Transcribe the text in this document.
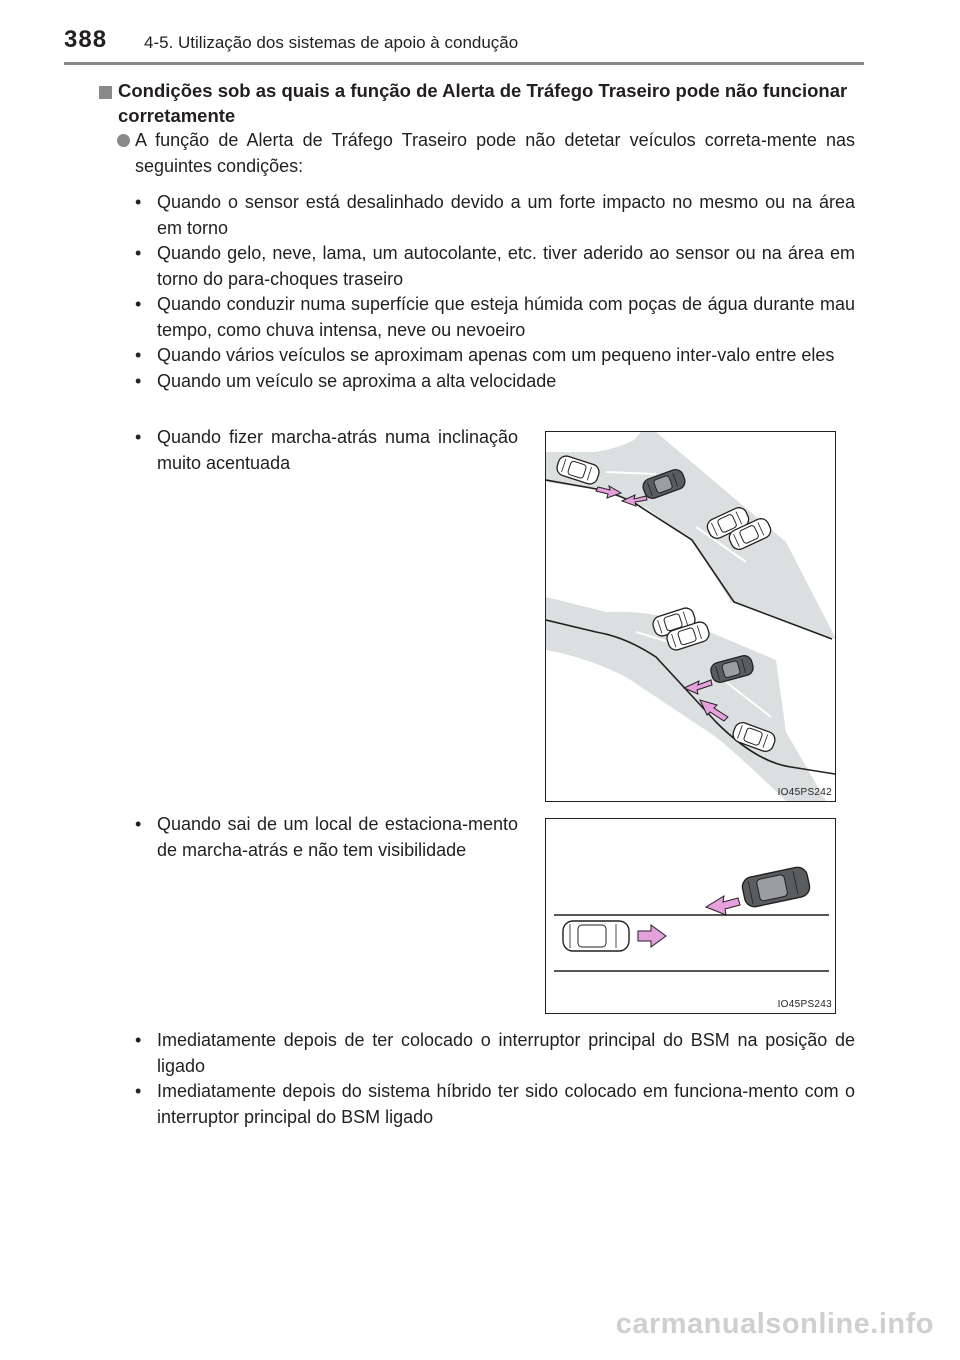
388 4-5. Utilização dos sistemas de apoio à condução
Condições sob as quais a função de Alerta de Tráfego Traseiro pode não funcionar corretamente
A função de Alerta de Tráfego Traseiro pode não detetar veículos correta-mente nas seguintes condições:
• Quando o sensor está desalinhado devido a um forte impacto no mesmo ou na área em torno
• Quando gelo, neve, lama, um autocolante, etc. tiver aderido ao sensor ou na área em torno do para-choques traseiro
• Quando conduzir numa superfície que esteja húmida com poças de água durante mau tempo, como chuva intensa, neve ou nevoeiro
• Quando vários veículos se aproximam apenas com um pequeno inter-valo entre eles
• Quando um veículo se aproxima a alta velocidade
• Quando fizer marcha-atrás numa inclinação muito acentuada
IO45PS242
• Quando sai de um local de estaciona-mento de marcha-atrás e não tem visibilidade
IO45PS243
• Imediatamente depois de ter colocado o interruptor principal do BSM na posição de ligado
• Imediatamente depois do sistema híbrido ter sido colocado em funciona-mento com o interruptor principal do BSM ligado
carmanualsonline.info
